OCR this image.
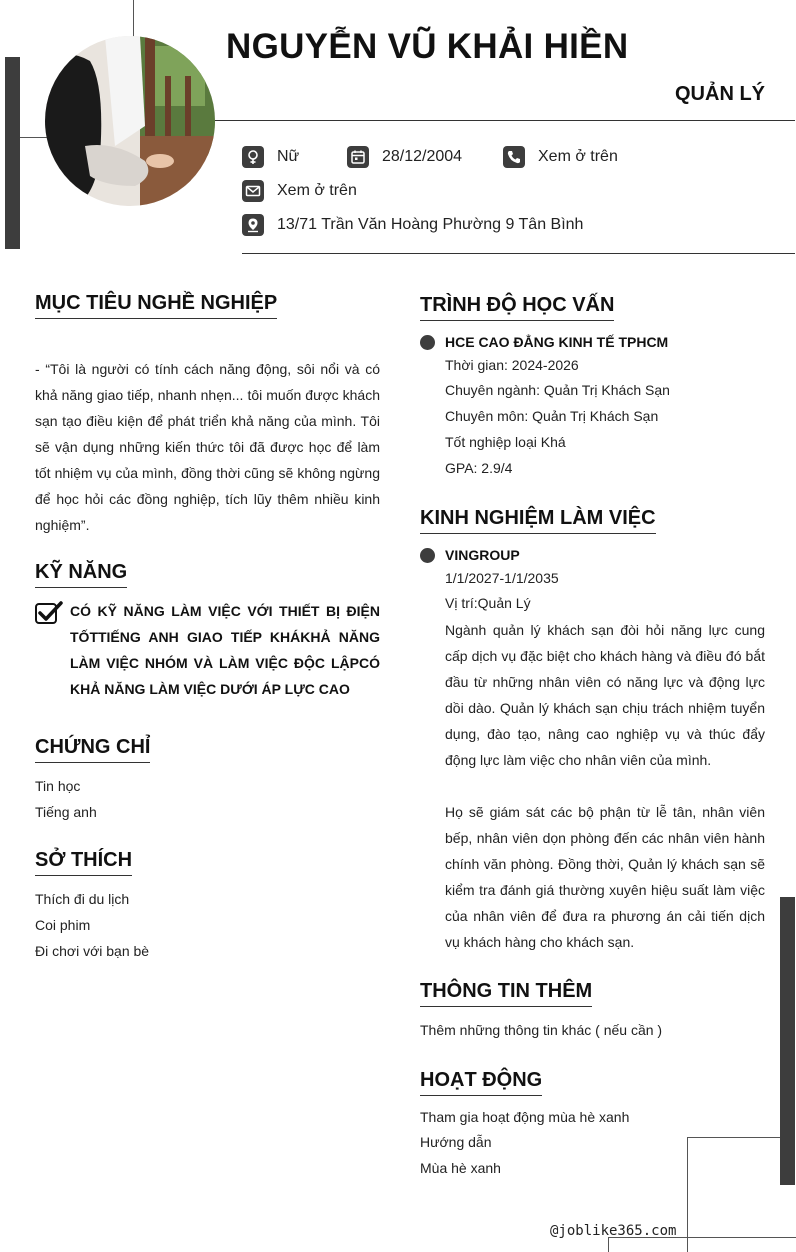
NGUYỄN VŨ KHẢI HIỀN
QUẢN LÝ
Nữ	28/12/2004	Xem ở trên
Xem ở trên
13/71 Trần Văn Hoàng Phường 9 Tân Bình
MỤC TIÊU NGHỀ NGHIỆP
- “Tôi là người có tính cách năng động, sôi nổi và có khả năng giao tiếp, nhanh nhẹn... tôi muốn được khách sạn tạo điều kiện để phát triển khả năng của mình. Tôi sẽ vận dụng những kiến thức tôi đã được học để làm tốt nhiệm vụ của mình, đồng thời cũng sẽ không ngừng để học hỏi các đồng nghiệp, tích lũy thêm nhiều kinh nghiệm”.
KỸ NĂNG
CÓ KỸ NĂNG LÀM VIỆC VỚI THIẾT BỊ ĐIỆN TỐTTIẾNG ANH GIAO TIẾP KHÁKHẢ NĂNG LÀM VIỆC NHÓM VÀ LÀM VIỆC ĐỘC LẬPCÓ KHẢ NĂNG LÀM VIỆC DƯỚI ÁP LỰC CAO
CHỨNG CHỈ
Tin học
Tiếng anh
SỞ THÍCH
Thích đi du lịch
Coi phim
Đi chơi với bạn bè
TRÌNH ĐỘ HỌC VẤN
HCE CAO ĐẲNG KINH TẾ TPHCM
Thời gian: 2024-2026
Chuyên ngành: Quản Trị Khách Sạn
Chuyên môn: Quản Trị Khách Sạn
Tốt nghiệp loại Khá
GPA: 2.9/4
KINH NGHIỆM LÀM VIỆC
VINGROUP
1/1/2027-1/1/2035
Vị trí:Quản Lý
Ngành quản lý khách sạn đòi hỏi năng lực cung cấp dịch vụ đặc biệt cho khách hàng và điều đó bắt đầu từ những nhân viên có năng lực và động lực dồi dào. Quản lý khách sạn chịu trách nhiệm tuyển dụng, đào tạo, nâng cao nghiệp vụ và thúc đẩy động lực làm việc cho nhân viên của mình.
Họ sẽ giám sát các bộ phận từ lễ tân, nhân viên bếp, nhân viên dọn phòng đến các nhân viên hành chính văn phòng. Đồng thời, Quản lý khách sạn sẽ kiểm tra đánh giá thường xuyên hiệu suất làm việc của nhân viên để đưa ra phương án cải tiến dịch vụ khách hàng cho khách sạn.
THÔNG TIN THÊM
Thêm những thông tin khác ( nếu cần )
HOẠT ĐỘNG
Tham gia hoạt động mùa hè xanh
Hướng dẫn
Mùa hè xanh
@joblike365.com
